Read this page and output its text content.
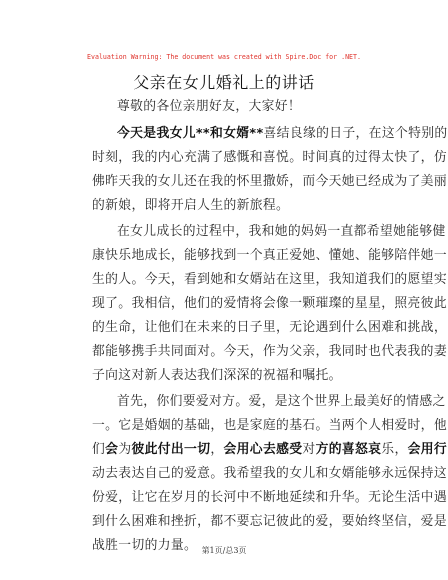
Evaluation Warning: The document was created with Spire.Doc for .NET.
父亲在女儿婚礼上的讲话
尊敬的各位亲朋好友，大家好！
今天是我女儿**和女婿**喜结良缘的日子，在这个特别的
时刻，我的内心充满了感慨和喜悦。时间真的过得太快了，仿
佛昨天我的女儿还在我的怀里撒娇，而今天她已经成为了美丽
的新娘，即将开启人生的新旅程。
在女儿成长的过程中，我和她的妈妈一直都希望她能够健
康快乐地成长，能够找到一个真正爱她、懂她、能够陪伴她一
生的人。今天，看到她和女婿站在这里，我知道我们的愿望实
现了。我相信，他们的爱情将会像一颗璀璨的星星，照亮彼此
的生命，让他们在未来的日子里，无论遇到什么困难和挑战，
都能够携手共同面对。今天，作为父亲，我同时也代表我的妻
子向这对新人表达我们深深的祝福和嘱托。
首先，你们要爱对方。爱，是这个世界上最美好的情感之
一。它是婚姻的基础，也是家庭的基石。当两个人相爱时，他
们会为彼此付出一切，会用心去感受对方的喜怒哀乐，会用行
动去表达自己的爱意。我希望我的女儿和女婿能够永远保持这
份爱，让它在岁月的长河中不断地延续和升华。无论生活中遇
到什么困难和挫折，都不要忘记彼此的爱，要始终坚信，爱是
战胜一切的力量。 第1页/总3页
